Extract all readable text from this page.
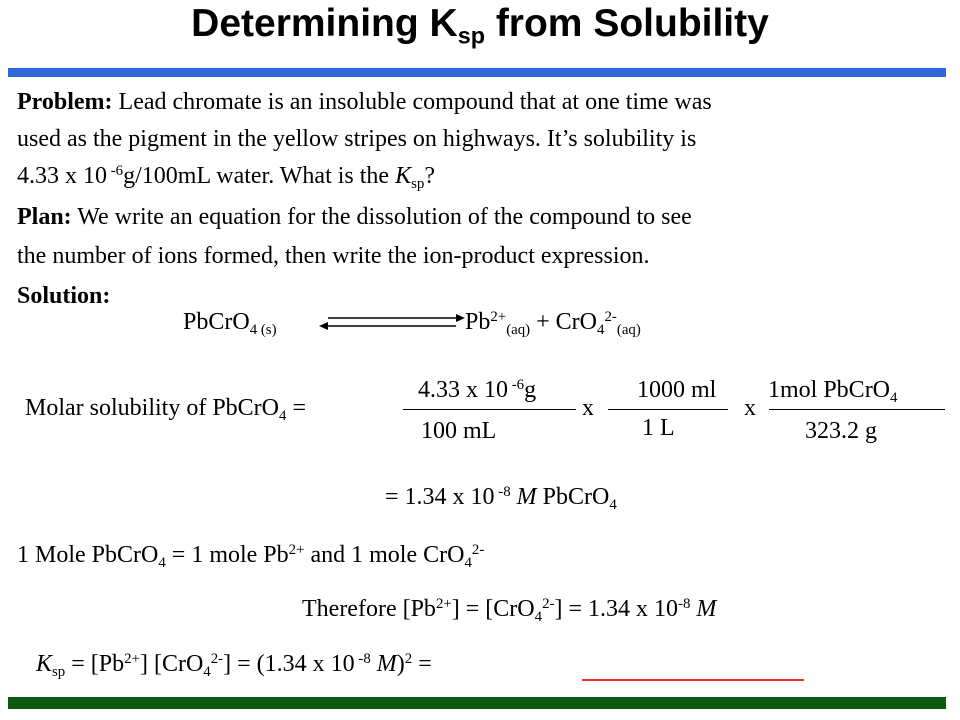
Determining $K_{sp}$ from Solubility
Problem: Lead chromate is an insoluble compound that at one time was
used as the pigment in the yellow stripes on highways. It’s solubility is
4.33 x 10 $^{-6}$g/100mL water. What is the $K_{sp}$?
Plan: We write an equation for the dissolution of the compound to see
the number of ions formed, then write the ion-product expression.
Solution:
PbCrO$_{4 (s)}$	$Pb^{2+}_{(aq)} + CrO_4^{2-}_{(aq)}$
Molar solubility of PbCrO$_4$ =
4.33 x 10 $^{-6}$g
100 mL
x
1000 ml
1 L
x
1mol PbCrO$_4$
323.2 g
= 1.34 x 10 $^{-8}$ M PbCrO$_4$
1 Mole PbCrO$_4$ = 1 mole $Pb^{2+}$ and 1 mole CrO$_4^{2-}$
Therefore $[Pb^{2+}] = [CrO_4^{2-}] = 1.34$ x $10^{-8}$ M
$K_{sp} = [Pb^{2+}] [CrO_4^{2-}] = (1.34$ x 10 $^{-8}$ M)$^2$ =
